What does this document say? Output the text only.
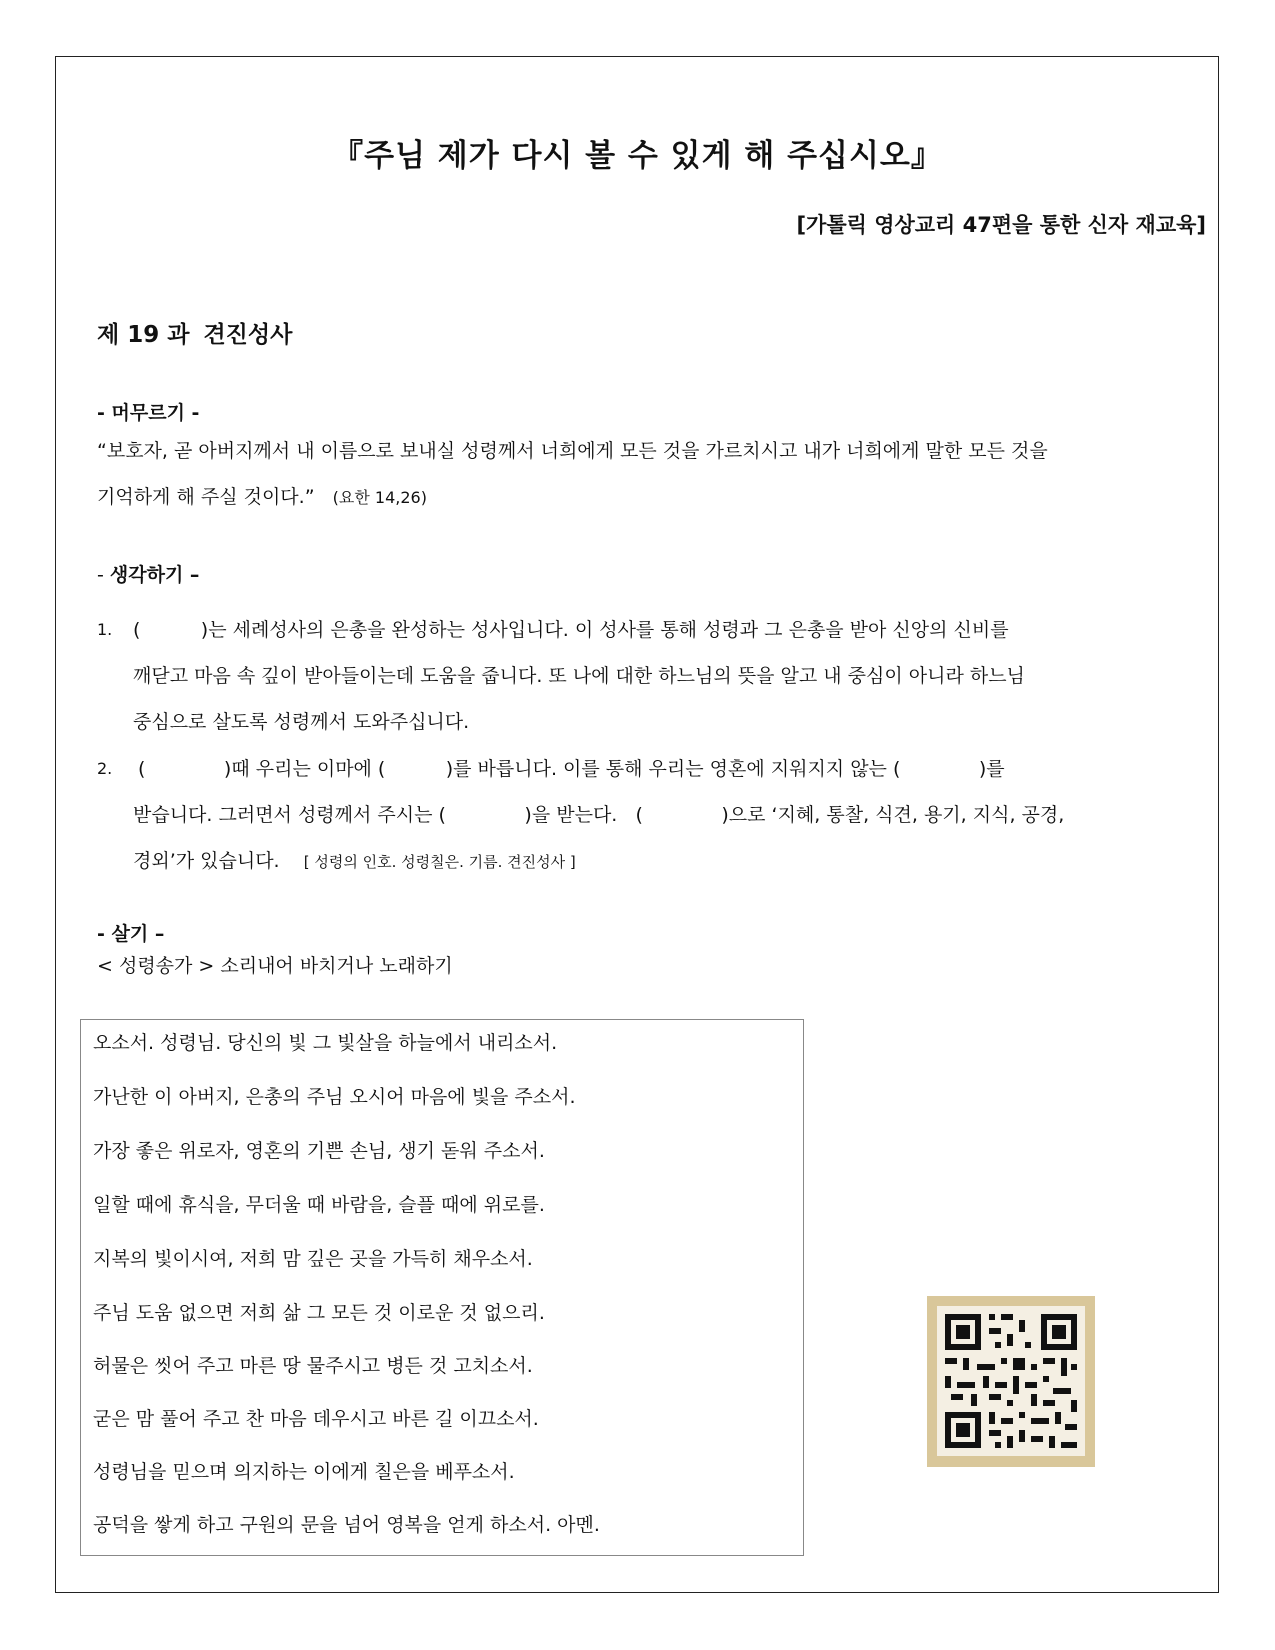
『주님 제가 다시 볼 수 있게 해 주십시오』
[가톨릭 영상교리 47편을 통한 신자 재교육]
제 19 과 견진성사
- 머무르기 -
“보호자, 곧 아버지께서 내 이름으로 보내실 성령께서 너희에게 모든 것을 가르치시고 내가 너희에게 말한 모든 것을
기억하게 해 주실 것이다.” (요한 14,26)
- 생각하기 –
1. (          )는 세례성사의 은총을 완성하는 성사입니다. 이 성사를 통해 성령과 그 은총을 받아 신앙의 신비를
깨닫고 마음 속 깊이 받아들이는데 도움을 줍니다. 또 나에 대한 하느님의 뜻을 알고 내 중심이 아니라 하느님
중심으로 살도록 성령께서 도와주십니다.
2. (             )때 우리는 이마에 (          )를 바릅니다. 이를 통해 우리는 영혼에 지워지지 않는 (             )를
받습니다. 그러면서 성령께서 주시는 (             )을 받는다.   (             )으로 ‘지혜, 통찰, 식견, 용기, 지식, 공경,
경외’가 있습니다. [ 성령의 인호. 성령칠은. 기름. 견진성사 ]
- 살기 –
< 성령송가 > 소리내어 바치거나 노래하기
오소서. 성령님. 당신의 빛 그 빛살을 하늘에서 내리소서.
가난한 이 아버지, 은총의 주님 오시어 마음에 빛을 주소서.
가장 좋은 위로자, 영혼의 기쁜 손님, 생기 돋워 주소서.
일할 때에 휴식을, 무더울 때 바람을, 슬플 때에 위로를.
지복의 빛이시여, 저희 맘 깊은 곳을 가득히 채우소서.
주님 도움 없으면 저희 삶 그 모든 것 이로운 것 없으리.
허물은 씻어 주고 마른 땅 물주시고 병든 것 고치소서.
굳은 맘 풀어 주고 찬 마음 데우시고 바른 길 이끄소서.
성령님을 믿으며 의지하는 이에게 칠은을 베푸소서.
공덕을 쌓게 하고 구원의 문을 넘어 영복을 얻게 하소서. 아멘.
